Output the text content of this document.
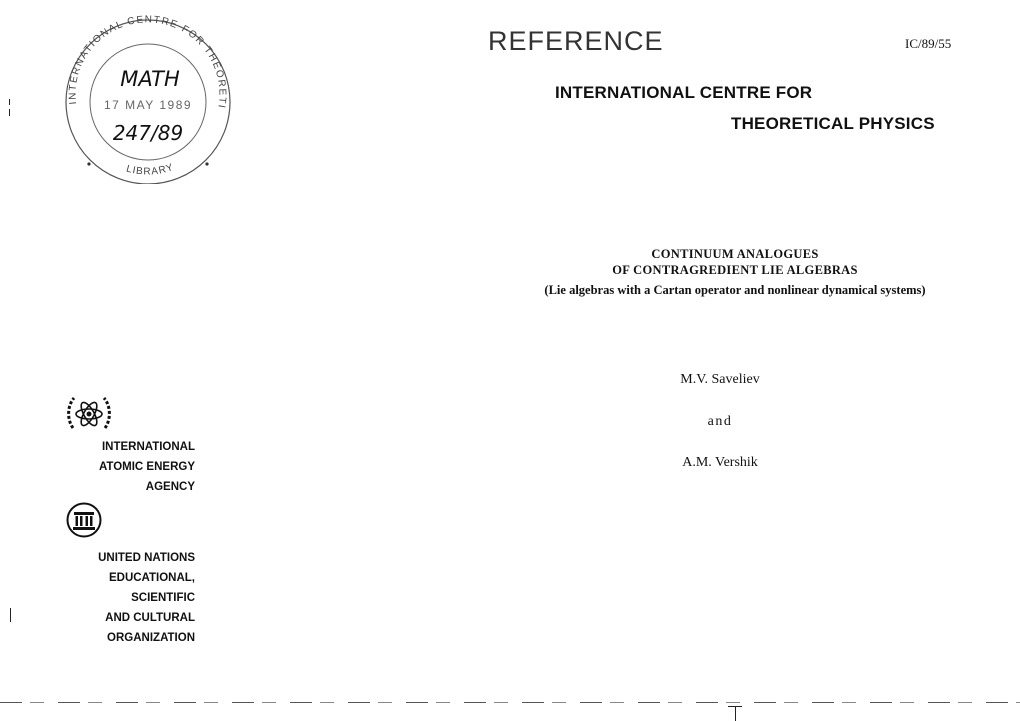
INTERNATIONAL CENTRE FOR THEORETI
LIBRARY
MATH
17 MAY 1989
247/89
REFERENCE	IC/89/55
INTERNATIONAL CENTRE FOR
THEORETICAL PHYSICS
CONTINUUM ANALOGUES
OF CONTRAGREDIENT LIE ALGEBRAS
(Lie algebras with a Cartan operator and nonlinear dynamical systems)
M.V. Saveliev
and
A.M. Vershik
INTERNATIONAL
ATOMIC ENERGY
AGENCY
UNITED NATIONS
EDUCATIONAL,
SCIENTIFIC
AND CULTURAL
ORGANIZATION
